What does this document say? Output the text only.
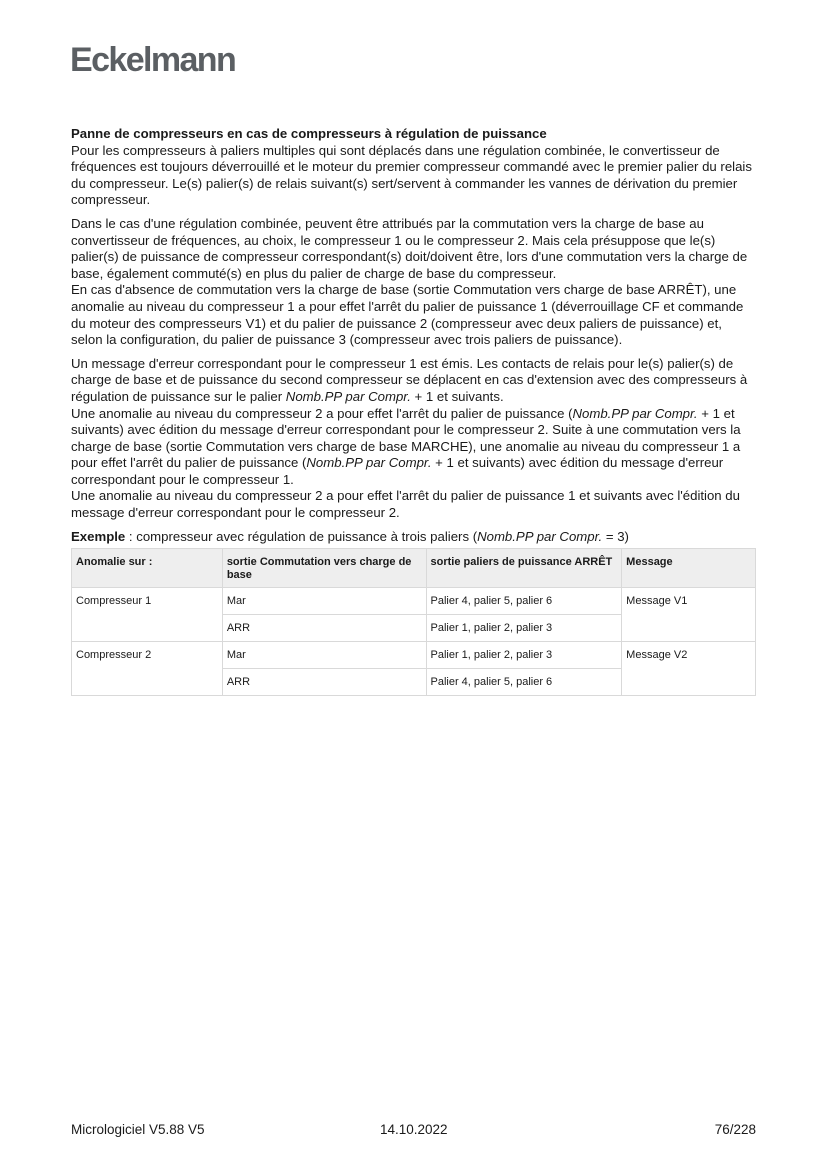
Eckelmann

Panne de compresseurs en cas de compresseurs à régulation de puissance

Pour les compresseurs à paliers multiples qui sont déplacés dans une régulation combinée, le convertisseur de fréquences est toujours déverrouillé et le moteur du premier compresseur commandé avec le premier palier du relais du compresseur. Le(s) palier(s) de relais suivant(s) sert/servent à commander les vannes de dérivation du premier compresseur.

Dans le cas d'une régulation combinée, peuvent être attribués par la commutation vers la charge de base au convertisseur de fréquences, au choix, le compresseur 1 ou le compresseur 2. Mais cela présuppose que le(s) palier(s) de puissance de compresseur correspondant(s) doit/doivent être, lors d'une commutation vers la charge de base, également commuté(s) en plus du palier de charge de base du compresseur.

En cas d'absence de commutation vers la charge de base (sortie Commutation vers charge de base ARRÊT), une anomalie au niveau du compresseur 1 a pour effet l'arrêt du palier de puissance 1 (déverrouillage CF et commande du moteur des compresseurs V1) et du palier de puissance 2 (compresseur avec deux paliers de puissance) et, selon la configuration, du palier de puissance 3 (compresseur avec trois paliers de puissance).

Un message d'erreur correspondant pour le compresseur 1 est émis. Les contacts de relais pour le(s) palier(s) de charge de base et de puissance du second compresseur se déplacent en cas d'extension avec des compresseurs à régulation de puissance sur le palier Nomb.PP par Compr. + 1 et suivants.

Une anomalie au niveau du compresseur 2 a pour effet l'arrêt du palier de puissance (Nomb.PP par Compr. + 1 et suivants) avec édition du message d'erreur correspondant pour le compresseur 2. Suite à une commutation vers la charge de base (sortie Commutation vers charge de base MARCHE), une anomalie au niveau du compresseur 1 a pour effet l'arrêt du palier de puissance (Nomb.PP par Compr. + 1 et suivants) avec édition du message d'erreur correspondant pour le compresseur 1.

Une anomalie au niveau du compresseur 2 a pour effet l'arrêt du palier de puissance 1 et suivants avec l'édition du message d'erreur correspondant pour le compresseur 2.

Exemple : compresseur avec régulation de puissance à trois paliers (Nomb.PP par Compr. = 3)

Anomalie sur :	sortie Commutation vers charge de base	sortie paliers de puissance ARRÊT	Message
Compresseur 1	Mar	Palier 4, palier 5, palier 6	Message V1
	ARR	Palier 1, palier 2, palier 3	
Compresseur 2	Mar	Palier 1, palier 2, palier 3	Message V2
	ARR	Palier 4, palier 5, palier 6	
Micrologiciel V5.88 V5	14.10.2022	76/228
